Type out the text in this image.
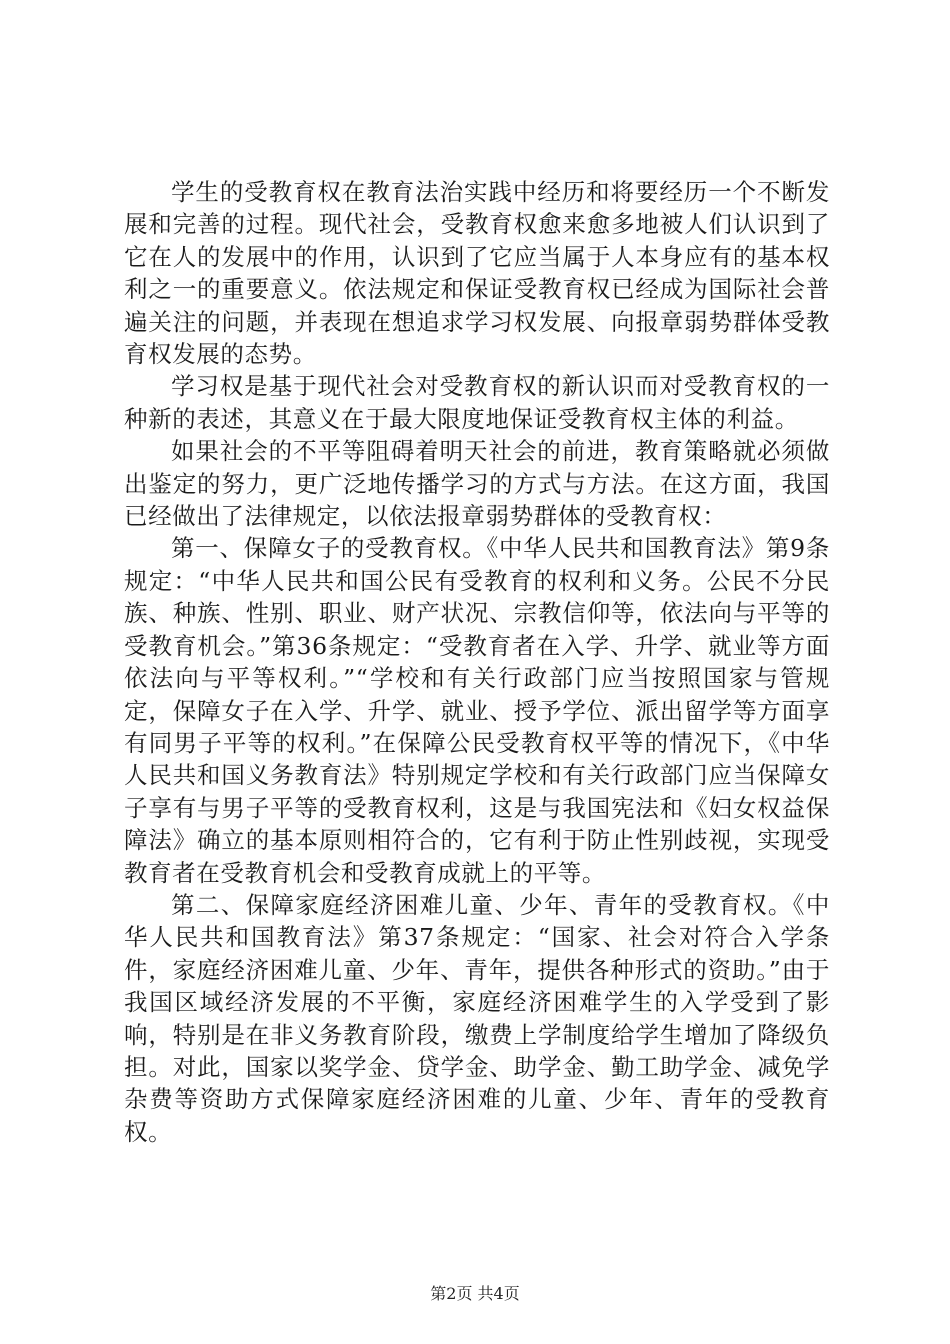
学生的受教育权在教育法治实践中经历和将要经历一个不断发展和完善的过程。现代社会，受教育权愈来愈多地被人们认识到了它在人的发展中的作用，认识到了它应当属于人本身应有的基本权利之一的重要意义。依法规定和保证受教育权已经成为国际社会普遍关注的问题，并表现在想追求学习权发展、向报章弱势群体受教育权发展的态势。

学习权是基于现代社会对受教育权的新认识而对受教育权的一种新的表述，其意义在于最大限度地保证受教育权主体的利益。

如果社会的不平等阻碍着明天社会的前进，教育策略就必须做出鉴定的努力，更广泛地传播学习的方式与方法。在这方面，我国已经做出了法律规定，以依法报章弱势群体的受教育权：

第一、保障女子的受教育权。《中华人民共和国教育法》第9条规定：“中华人民共和国公民有受教育的权利和义务。公民不分民族、种族、性别、职业、财产状况、宗教信仰等，依法向与平等的受教育机会。”第36条规定：“受教育者在入学、升学、就业等方面依法向与平等权利。”“学校和有关行政部门应当按照国家与管规定，保障女子在入学、升学、就业、授予学位、派出留学等方面享有同男子平等的权利。”在保障公民受教育权平等的情况下，《中华人民共和国义务教育法》特别规定学校和有关行政部门应当保障女子享有与男子平等的受教育权利，这是与我国宪法和《妇女权益保障法》确立的基本原则相符合的，它有利于防止性别歧视，实现受教育者在受教育机会和受教育成就上的平等。

第二、保障家庭经济困难儿童、少年、青年的受教育权。《中华人民共和国教育法》第37条规定：“国家、社会对符合入学条件，家庭经济困难儿童、少年、青年，提供各种形式的资助。”由于我国区域经济发展的不平衡，家庭经济困难学生的入学受到了影响，特别是在非义务教育阶段，缴费上学制度给学生增加了降级负担。对此，国家以奖学金、贷学金、助学金、勤工助学金、减免学杂费等资助方式保障家庭经济困难的儿童、少年、青年的受教育权。

第2页 共4页
